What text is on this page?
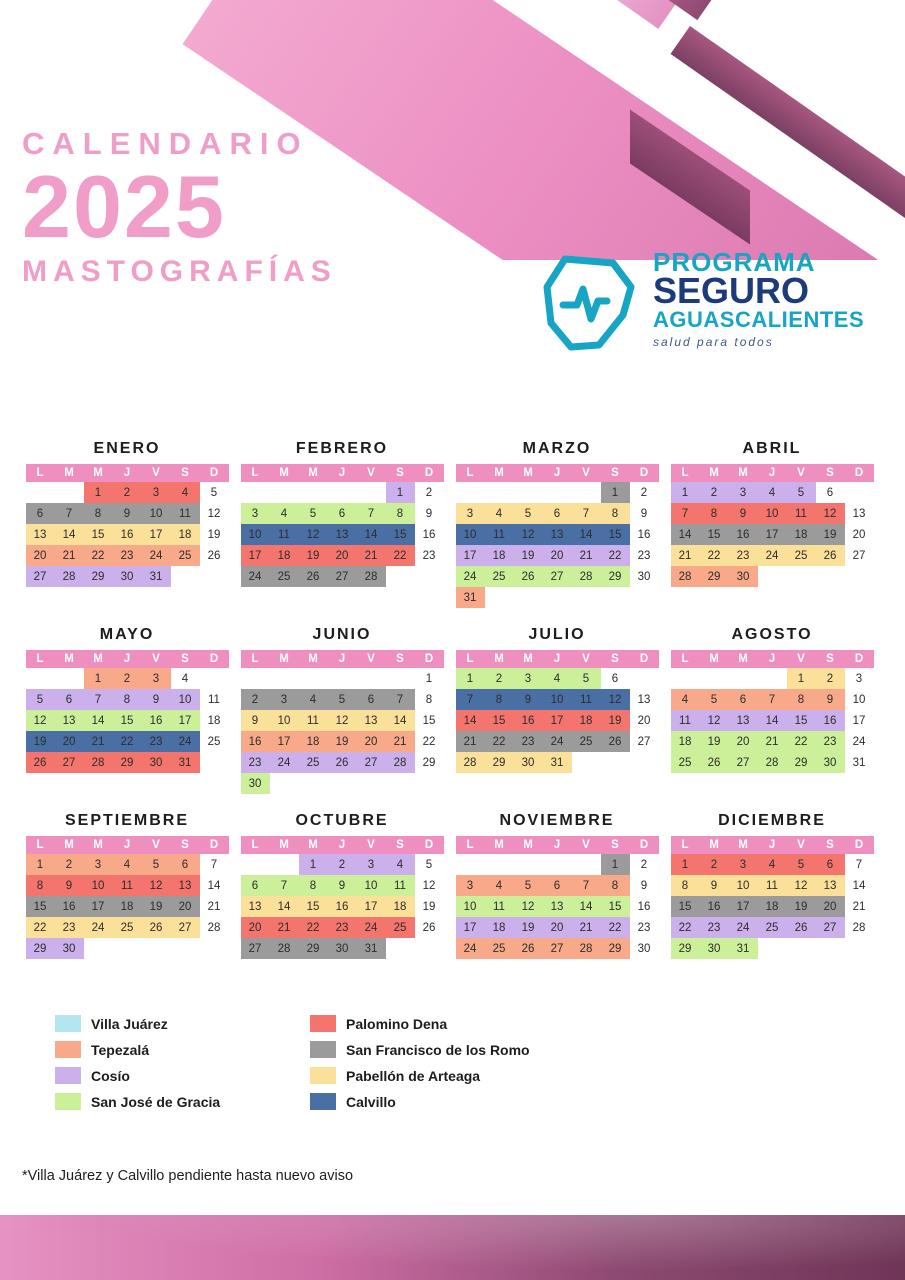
CALENDARIO
2025
MASTOGRAFÍAS	PROGRAMA
SEGURO
AGUASCALIENTES
salud para todos
ENERO
L	M	M	J	V	S	D
		1	2	3	4	5
6	7	8	9	10	11	12
13	14	15	16	17	18	19
20	21	22	23	24	25	26
27	28	29	30	31		
FEBRERO
L	M	M	J	V	S	D
					1	2
3	4	5	6	7	8	9
10	11	12	13	14	15	16
17	18	19	20	21	22	23
24	25	26	27	28		
MARZO
L	M	M	J	V	S	D
					1	2
3	4	5	6	7	8	9
10	11	12	13	14	15	16
17	18	19	20	21	22	23
24	25	26	27	28	29	30
31						
ABRIL
L	M	M	J	V	S	D
1	2	3	4	5	6	
7	8	9	10	11	12	13
14	15	16	17	18	19	20
21	22	23	24	25	26	27
28	29	30				
MAYO
L	M	M	J	V	S	D
		1	2	3	4	
5	6	7	8	9	10	11
12	13	14	15	16	17	18
19	20	21	22	23	24	25
26	27	28	29	30	31	
JUNIO
L	M	M	J	V	S	D
						1
2	3	4	5	6	7	8
9	10	11	12	13	14	15
16	17	18	19	20	21	22
23	24	25	26	27	28	29
30						
JULIO
L	M	M	J	V	S	D
1	2	3	4	5	6	
7	8	9	10	11	12	13
14	15	16	17	18	19	20
21	22	23	24	25	26	27
28	29	30	31			
AGOSTO
L	M	M	J	V	S	D
				1	2	3
4	5	6	7	8	9	10
11	12	13	14	15	16	17
18	19	20	21	22	23	24
25	26	27	28	29	30	31
SEPTIEMBRE
L	M	M	J	V	S	D
1	2	3	4	5	6	7
8	9	10	11	12	13	14
15	16	17	18	19	20	21
22	23	24	25	26	27	28
29	30					
OCTUBRE
L	M	M	J	V	S	D
		1	2	3	4	5
6	7	8	9	10	11	12
13	14	15	16	17	18	19
20	21	22	23	24	25	26
27	28	29	30	31		
NOVIEMBRE
L	M	M	J	V	S	D
					1	2
3	4	5	6	7	8	9
10	11	12	13	14	15	16
17	18	19	20	21	22	23
24	25	26	27	28	29	30
DICIEMBRE
L	M	M	J	V	S	D
1	2	3	4	5	6	7
8	9	10	11	12	13	14
15	16	17	18	19	20	21
22	23	24	25	26	27	28
29	30	31				
Villa Juárez
Tepezalá
Cosío
San José de Gracia
Palomino Dena
San Francisco de los Romo
Pabellón de Arteaga
Calvillo
*Villa Juárez y Calvillo pendiente hasta nuevo aviso
